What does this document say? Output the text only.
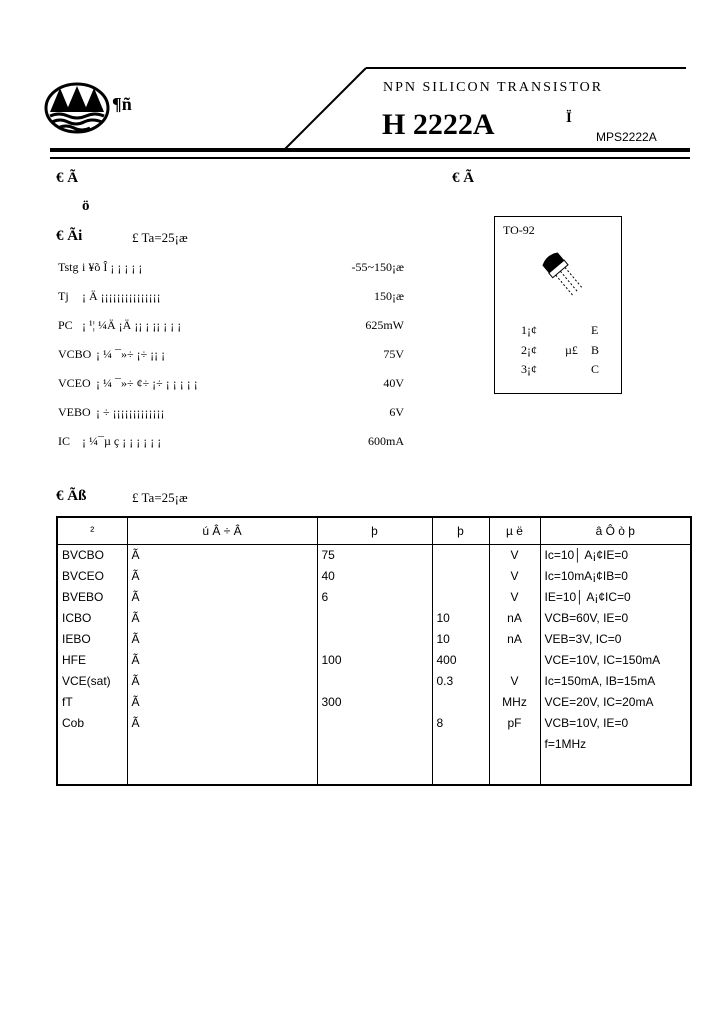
¶ñ
NPN SILICON TRANSISTOR
H 2222A	Ï
MPS2222A
€ Ã
ö
€ Ã
€ Ãi	£ Ta=25¡æ
Tstg i ¥õ Î ¡ ¡ ¡ ¡ ¡	-55~150¡æ
Tj ¡ Ä ¡¡¡¡¡¡¡¡¡¡¡¡¡¡¡	150¡æ
PC ¡ ¹¦ ¼Ä ¡Ä ¡¡ ¡ ¡¡ ¡ ¡ ¡	625mW
VCBO ¡ ¼ ¯»÷ ¡÷ ¡¡ ¡	75V
VCEO ¡ ¼ ¯»÷ ¢÷ ¡÷ ¡ ¡ ¡ ¡ ¡	40V
VEBO ¡ ÷ ¡¡¡¡¡¡¡¡¡¡¡¡¡	6V
IC ¡ ¼¯µ ç ¡ ¡ ¡ ¡ ¡ ¡	600mA
TO-92
1¡¢	E
2¡¢ µ£ B
3¡¢	C
€ Ãß	£ Ta=25¡æ
²	ú Â ÷ Â	þ	þ	µ ë	â Ô ò þ
BVCBO	Ã	75		V	Ic=10│ A¡¢IE=0
BVCEO	Ã	40		V	Ic=10mA¡¢IB=0
BVEBO	Ã	6		V	IE=10│ A¡¢IC=0
ICBO	Ã		10	nA	VCB=60V, IE=0
IEBO	Ã		10	nA	VEB=3V, IC=0
HFE	Ã	100	400		VCE=10V, IC=150mA
VCE(sat)	Ã		0.3	V	Ic=150mA, IB=15mA
fT	Ã	300		MHz	VCE=20V, IC=20mA
Cob	Ã		8	pF	VCB=10V, IE=0
					f=1MHz
